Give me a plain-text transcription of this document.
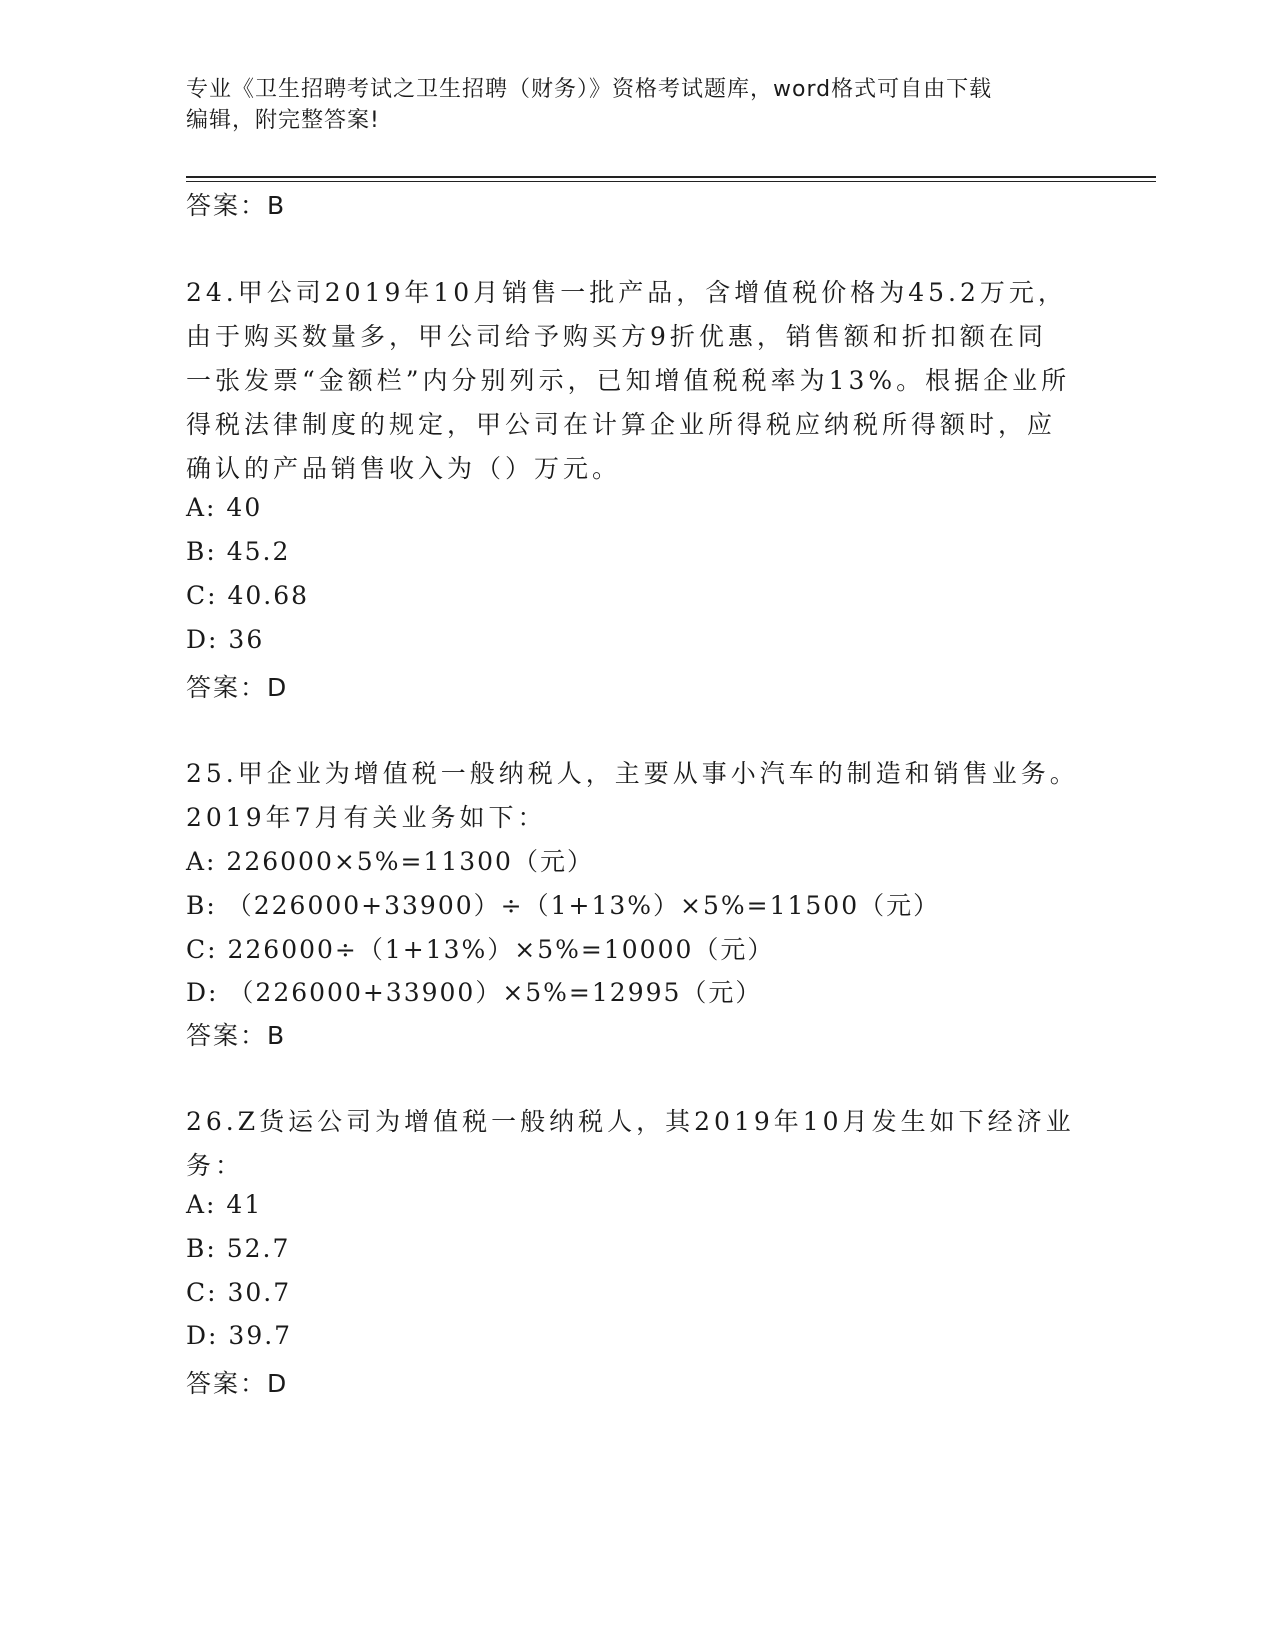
专业《卫生招聘考试之卫生招聘（财务）》资格考试题库，word格式可自由下载
编辑，附完整答案!
答案：B
24.甲公司2019年10月销售一批产品，含增值税价格为45.2万元，
由于购买数量多，甲公司给予购买方9折优惠，销售额和折扣额在同
一张发票“金额栏”内分别列示，已知增值税税率为13%。根据企业所
得税法律制度的规定，甲公司在计算企业所得税应纳税所得额时，应
确认的产品销售收入为（）万元。
A: 40
B: 45.2
C: 40.68
D: 36
答案：D
25.甲企业为增值税一般纳税人，主要从事小汽车的制造和销售业务。
2019年7月有关业务如下：
A: 226000×5%=11300（元）
B: （226000+33900）÷（1+13%）×5%=11500（元）
C: 226000÷（1+13%）×5%=10000（元）
D: （226000+33900）×5%=12995（元）
答案：B
26.Z货运公司为增值税一般纳税人，其2019年10月发生如下经济业
务：
A: 41
B: 52.7
C: 30.7
D: 39.7
答案：D
